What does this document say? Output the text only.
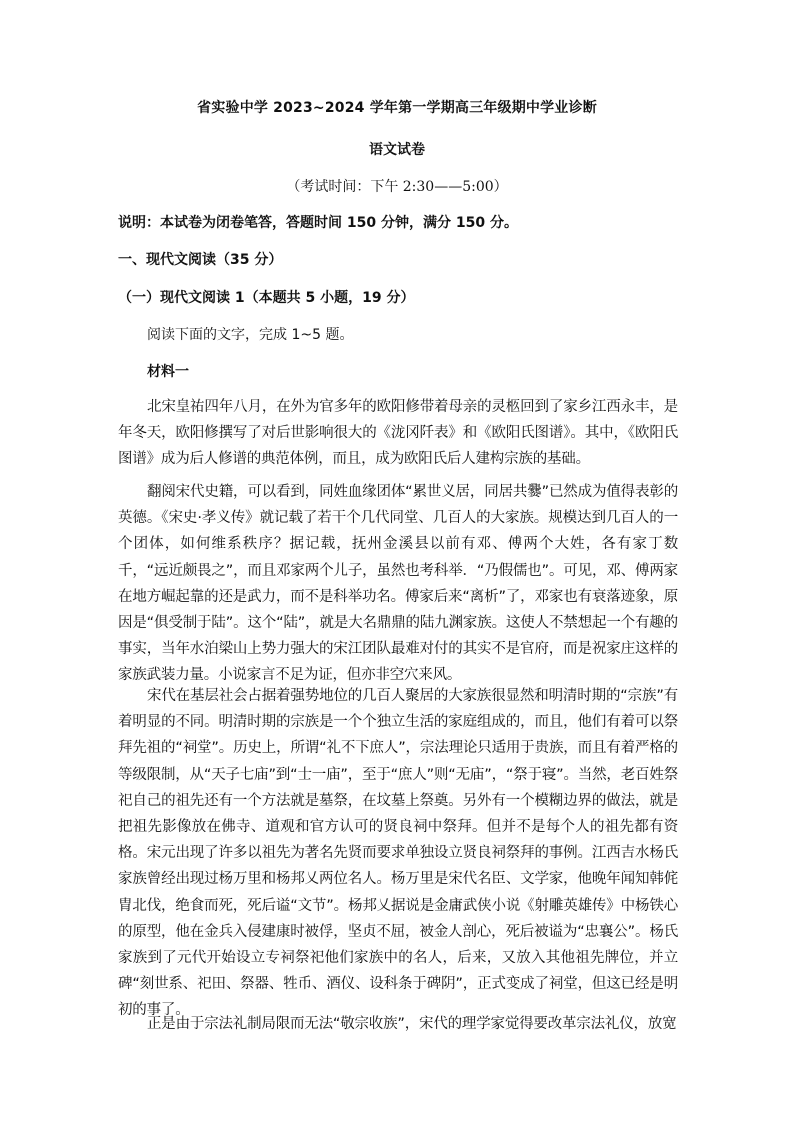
省实验中学 2023~2024 学年第一学期高三年级期中学业诊断
语文试卷
（考试时间：下午 2:30——5:00）
说明：本试卷为闭卷笔答，答题时间 150 分钟，满分 150 分。
一、现代文阅读（35 分）
（一）现代文阅读 1（本题共 5 小题，19 分）
阅读下面的文字，完成 1~5 题。
材料一
北宋皇祐四年八月，在外为官多年的欧阳修带着母亲的灵柩回到了家乡江西永丰，是年冬天，欧阳修撰写了对后世影响很大的《泷冈阡表》和《欧阳氏图谱》。其中，《欧阳氏图谱》成为后人修谱的典范体例，而且，成为欧阳氏后人建构宗族的基础。
翻阅宋代史籍，可以看到，同姓血缘团体“累世义居，同居共爨”已然成为值得表彰的英德。《宋史·孝义传》就记载了若干个几代同堂、几百人的大家族。规模达到几百人的一个团体，如何维系秩序？据记载，抚州金溪县以前有邓、傅两个大姓，各有家丁数千，“远近颇畏之”，而且邓家两个儿子，虽然也考科举．“乃假儒也”。可见，邓、傅两家在地方崛起靠的还是武力，而不是科举功名。傅家后来“离析”了，邓家也有衰落迹象，原因是“俱受制于陆”。这个“陆”，就是大名鼎鼎的陆九渊家族。这使人不禁想起一个有趣的事实，当年水泊梁山上势力强大的宋江团队最难对付的其实不是官府，而是祝家庄这样的家族武装力量。小说家言不足为证，但亦非空穴来风。
宋代在基层社会占据着强势地位的几百人聚居的大家族很显然和明清时期的“宗族”有着明显的不同。明清时期的宗族是一个个独立生活的家庭组成的，而且，他们有着可以祭拜先祖的“祠堂”。历史上，所谓“礼不下庶人”，宗法理论只适用于贵族，而且有着严格的等级限制，从“天子七庙”到“士一庙”，至于“庶人”则“无庙”，“祭于寝”。当然，老百姓祭祀自己的祖先还有一个方法就是墓祭，在坟墓上祭奠。另外有一个模糊边界的做法，就是把祖先影像放在佛寺、道观和官方认可的贤良祠中祭拜。但并不是每个人的祖先都有资格。宋元出现了许多以祖先为著名先贤而要求单独设立贤良祠祭拜的事例。江西吉水杨氏家族曾经出现过杨万里和杨邦乂两位名人。杨万里是宋代名臣、文学家，他晚年闻知韩侂胄北伐，绝食而死，死后谥“文节”。杨邦乂据说是金庸武侠小说《射雕英雄传》中杨铁心的原型，他在金兵入侵建康时被俘，坚贞不屈，被金人剖心，死后被谥为“忠襄公”。杨氏家族到了元代开始设立专祠祭祀他们家族中的名人，后来，又放入其他祖先牌位，并立碑“刻世系、祀田、祭器、牲币、酒仪、设科条于碑阴”，正式变成了祠堂，但这已经是明初的事了。
正是由于宗法礼制局限而无法“敬宗收族”，宋代的理学家觉得要改革宗法礼仪，放宽
